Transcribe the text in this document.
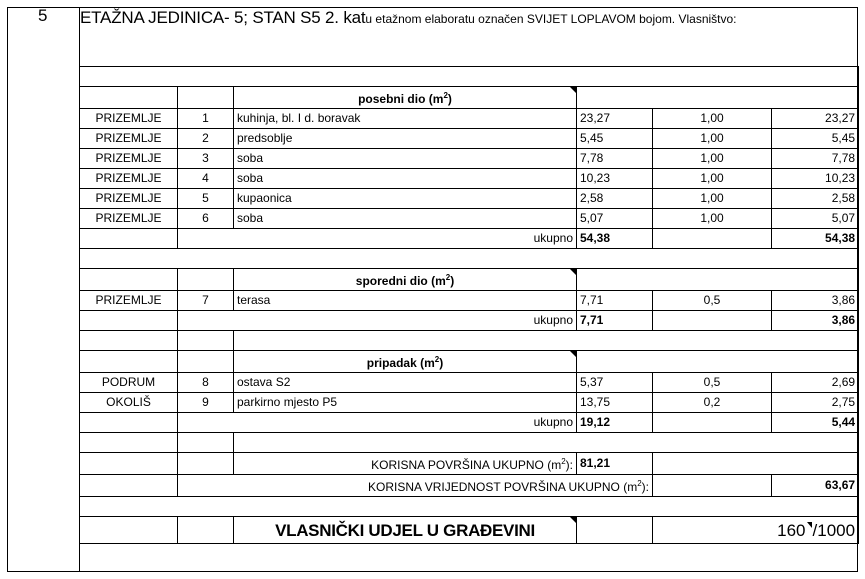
5 ETAŽNA JEDINICA- 5; STAN S5 2. katu etažnom elaboratu označen SVIJET LOPLAVOM bojom. Vlasništvo:

		posebni dio $(m^2)$		

PRIZEMLJE	1	kuhinja, bl. I d. boravak	23,27	1,00	23,27
PRIZEMLJE	2	predsoblje	5,45	1,00	5,45
PRIZEMLJE	3	soba	7,78	1,00	7,78
PRIZEMLJE	4	soba	10,23	1,00	10,23
PRIZEMLJE	5	kupaonica	2,58	1,00	2,58
PRIZEMLJE	6	soba	5,07	1,00	5,07
	ukupno		54,38		54,38

		sporedni dio $(m^2)$		

PRIZEMLJE	7	terasa	7,71	0,5	3,86
	ukupno		7,71		3,86

		pripadak $(m^2)$		

PODRUM	8	ostava S2	5,37	0,5	2,69
OKOLIŠ	9	parkirno mjesto P5	13,75	0,2	2,75
	ukupno		19,12		5,44

		KORISNA POVRŠINA UKUPNO $(m^2)$:	81,21		
	KORISNA VRIJEDNOST POVRŠINA UKUPNO $(m^2)$:				63,67

		VLASNIČKI UDJEL U GRAĐEVINI		160 /1000	
